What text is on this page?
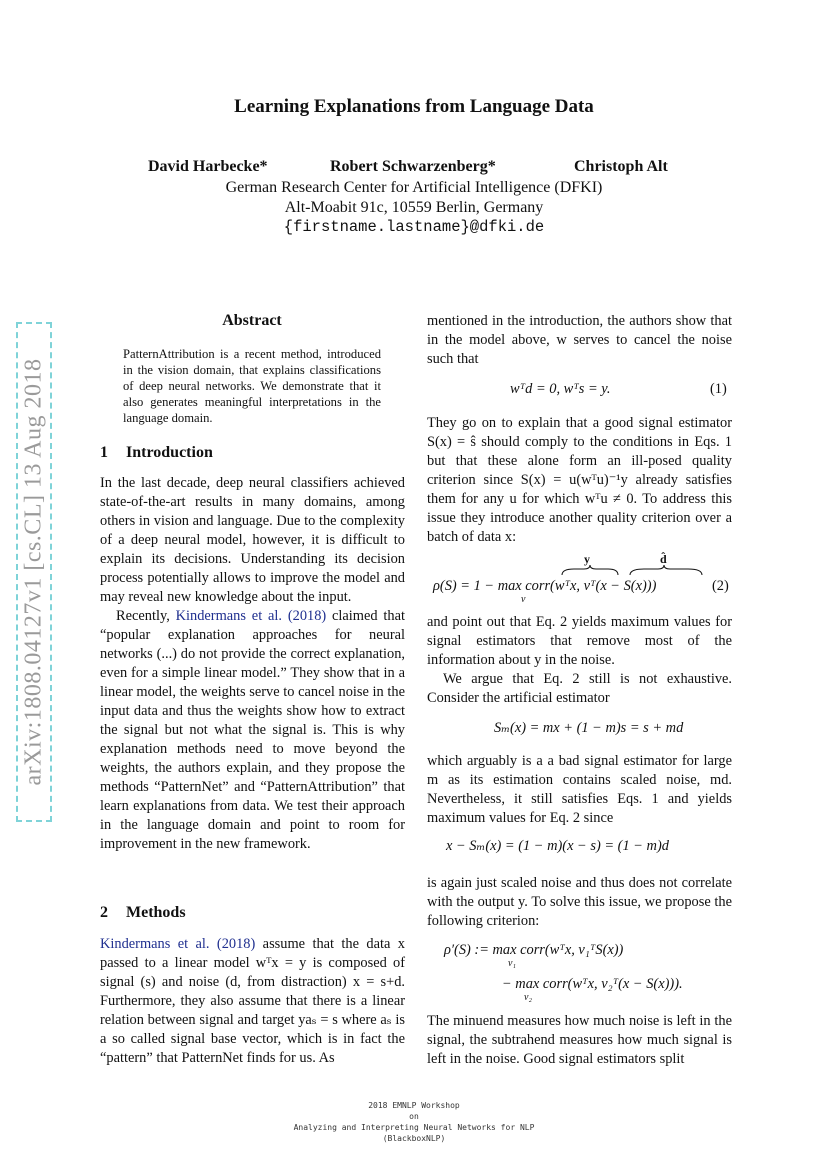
Learning Explanations from Language Data
David Harbecke*	Robert Schwarzenberg*	Christoph Alt
German Research Center for Artificial Intelligence (DFKI)
Alt-Moabit 91c, 10559 Berlin, Germany
{firstname.lastname}@dfki.de
arXiv:1808.04127v1 [cs.CL] 13 Aug 2018
Abstract
PatternAttribution is a recent method, introduced in the vision domain, that explains classifications of deep neural networks. We demonstrate that it also generates meaningful interpretations in the language domain.
1 Introduction

In the last decade, deep neural classifiers achieved state-of-the-art results in many domains, among others in vision and language. Due to the complexity of a deep neural model, however, it is difficult to explain its decisions. Understanding its decision process potentially allows to improve the model and may reveal new knowledge about the input.

Recently, Kindermans et al. (2018) claimed that “popular explanation approaches for neural networks (...) do not provide the correct explanation, even for a simple linear model.” They show that in a linear model, the weights serve to cancel noise in the input data and thus the weights show how to extract the signal but not what the signal is. This is why explanation methods need to move beyond the weights, the authors explain, and they propose the methods “PatternNet” and “PatternAttribution” that learn explanations from data. We test their approach in the language domain and point to room for improvement in the new framework.

2 Methods

Kindermans et al. (2018) assume that the data x passed to a linear model wᵀx = y is composed of signal (s) and noise (d, from distraction) x = s+d. Furthermore, they also assume that there is a linear relation between signal and target yaₛ = s where aₛ is a so called signal base vector, which is in fact the “pattern” that PatternNet finds for us. As

mentioned in the introduction, the authors show that in the model above, w serves to cancel the noise such that
wᵀd = 0, wᵀs = y.	(1)
They go on to explain that a good signal estimator S(x) = ŝ should comply to the conditions in Eqs. 1 but that these alone form an ill-posed quality criterion since S(x) = u(wᵀu)⁻¹y already satisfies them for any u for which wᵀu ≠ 0. To address this issue they introduce another quality criterion over a batch of data x:
y	d̂
ρ(S) = 1 − max corr(wᵀx, vᵀ(x − S(x)))
v
(2)
and point out that Eq. 2 yields maximum values for signal estimators that remove most of the information about y in the noise.
We argue that Eq. 2 still is not exhaustive. Consider the artificial estimator
Sₘ(x) = mx + (1 − m)s = s + md
which arguably is a a bad signal estimator for large m as its estimation contains scaled noise, md. Nevertheless, it still satisfies Eqs. 1 and yields maximum values for Eq. 2 since
x − Sₘ(x) = (1 − m)(x − s) = (1 − m)d
is again just scaled noise and thus does not correlate with the output y. To solve this issue, we propose the following criterion:
ρ′(S) := max corr(wᵀx, v₁ᵀS(x))
v₁
− max corr(wᵀx, v₂ᵀ(x − S(x))).
v₂
The minuend measures how much noise is left in the signal, the subtrahend measures how much signal is left in the noise. Good signal estimators split
2018 EMNLP Workshop
on
Analyzing and Interpreting Neural Networks for NLP
(BlackboxNLP)
